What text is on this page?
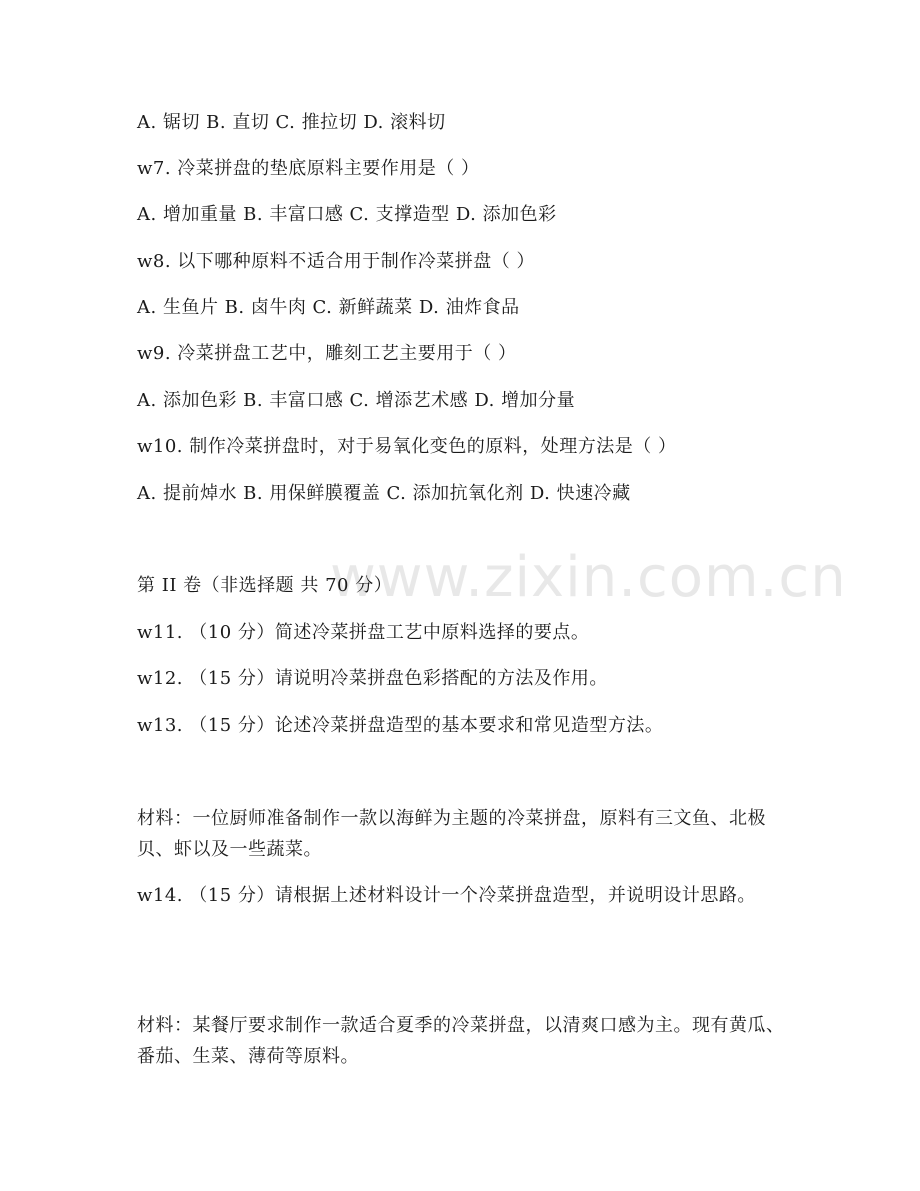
www.zixin.com.cn
A. 锯切 B. 直切 C. 推拉切 D. 滚料切
w7. 冷菜拼盘的垫底原料主要作用是（ ）
A. 增加重量 B. 丰富口感 C. 支撑造型 D. 添加色彩
w8. 以下哪种原料不适合用于制作冷菜拼盘（ ）
A. 生鱼片 B. 卤牛肉 C. 新鲜蔬菜 D. 油炸食品
w9. 冷菜拼盘工艺中，雕刻工艺主要用于（ ）
A. 添加色彩 B. 丰富口感 C. 增添艺术感 D. 增加分量
w10. 制作冷菜拼盘时，对于易氧化变色的原料，处理方法是（ ）
A. 提前焯水 B. 用保鲜膜覆盖 C. 添加抗氧化剂 D. 快速冷藏
第 II 卷（非选择题 共 70 分）
w11. （10 分）简述冷菜拼盘工艺中原料选择的要点。
w12. （15 分）请说明冷菜拼盘色彩搭配的方法及作用。
w13. （15 分）论述冷菜拼盘造型的基本要求和常见造型方法。
材料：一位厨师准备制作一款以海鲜为主题的冷菜拼盘，原料有三文鱼、北极贝、虾以及一些蔬菜。
w14. （15 分）请根据上述材料设计一个冷菜拼盘造型，并说明设计思路。
材料：某餐厅要求制作一款适合夏季的冷菜拼盘，以清爽口感为主。现有黄瓜、番茄、生菜、薄荷等原料。
